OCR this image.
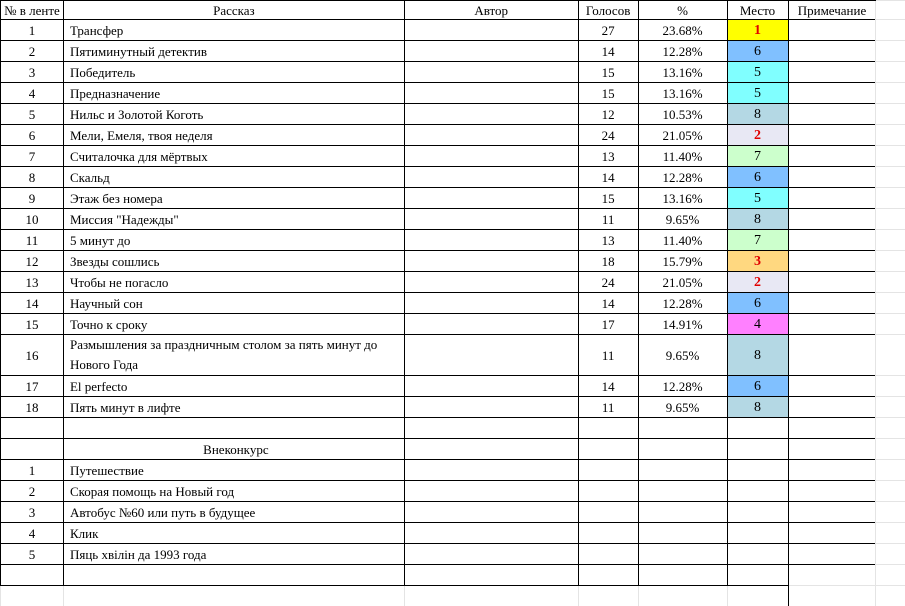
№ в ленте	Рассказ	Автор	Голосов	%	Место	Примечание	
1	Трансфер		27	23.68%	1		
2	Пятиминутный детектив		14	12.28%	6		
3	Победитель		15	13.16%	5		
4	Предназначение		15	13.16%	5		
5	Нильс и Золотой Коготь		12	10.53%	8		
6	Мели, Емеля, твоя неделя		24	21.05%	2		
7	Считалочка для мёртвых		13	11.40%	7		
8	Скальд		14	12.28%	6		
9	Этаж без номера		15	13.16%	5		
10	Миссия "Надежды"		11	9.65%	8		
11	5 минут до		13	11.40%	7		
12	Звезды сошлись		18	15.79%	3		
13	Чтобы не погасло		24	21.05%	2		
14	Научный сон		14	12.28%	6		
15	Точно к сроку		17	14.91%	4		
16	Размышления за праздничным столом за пять минут до Нового Года		11	9.65%	8		
17	El perfecto		14	12.28%	6		
18	Пять минут в лифте		11	9.65%	8		

	Внеконкурс						
1	Путешествие						
2	Скорая помощь на Новый год						
3	Автобус №60 или путь в будущее						
4	Клик						
5	Пяць хвілін да 1993 года						
